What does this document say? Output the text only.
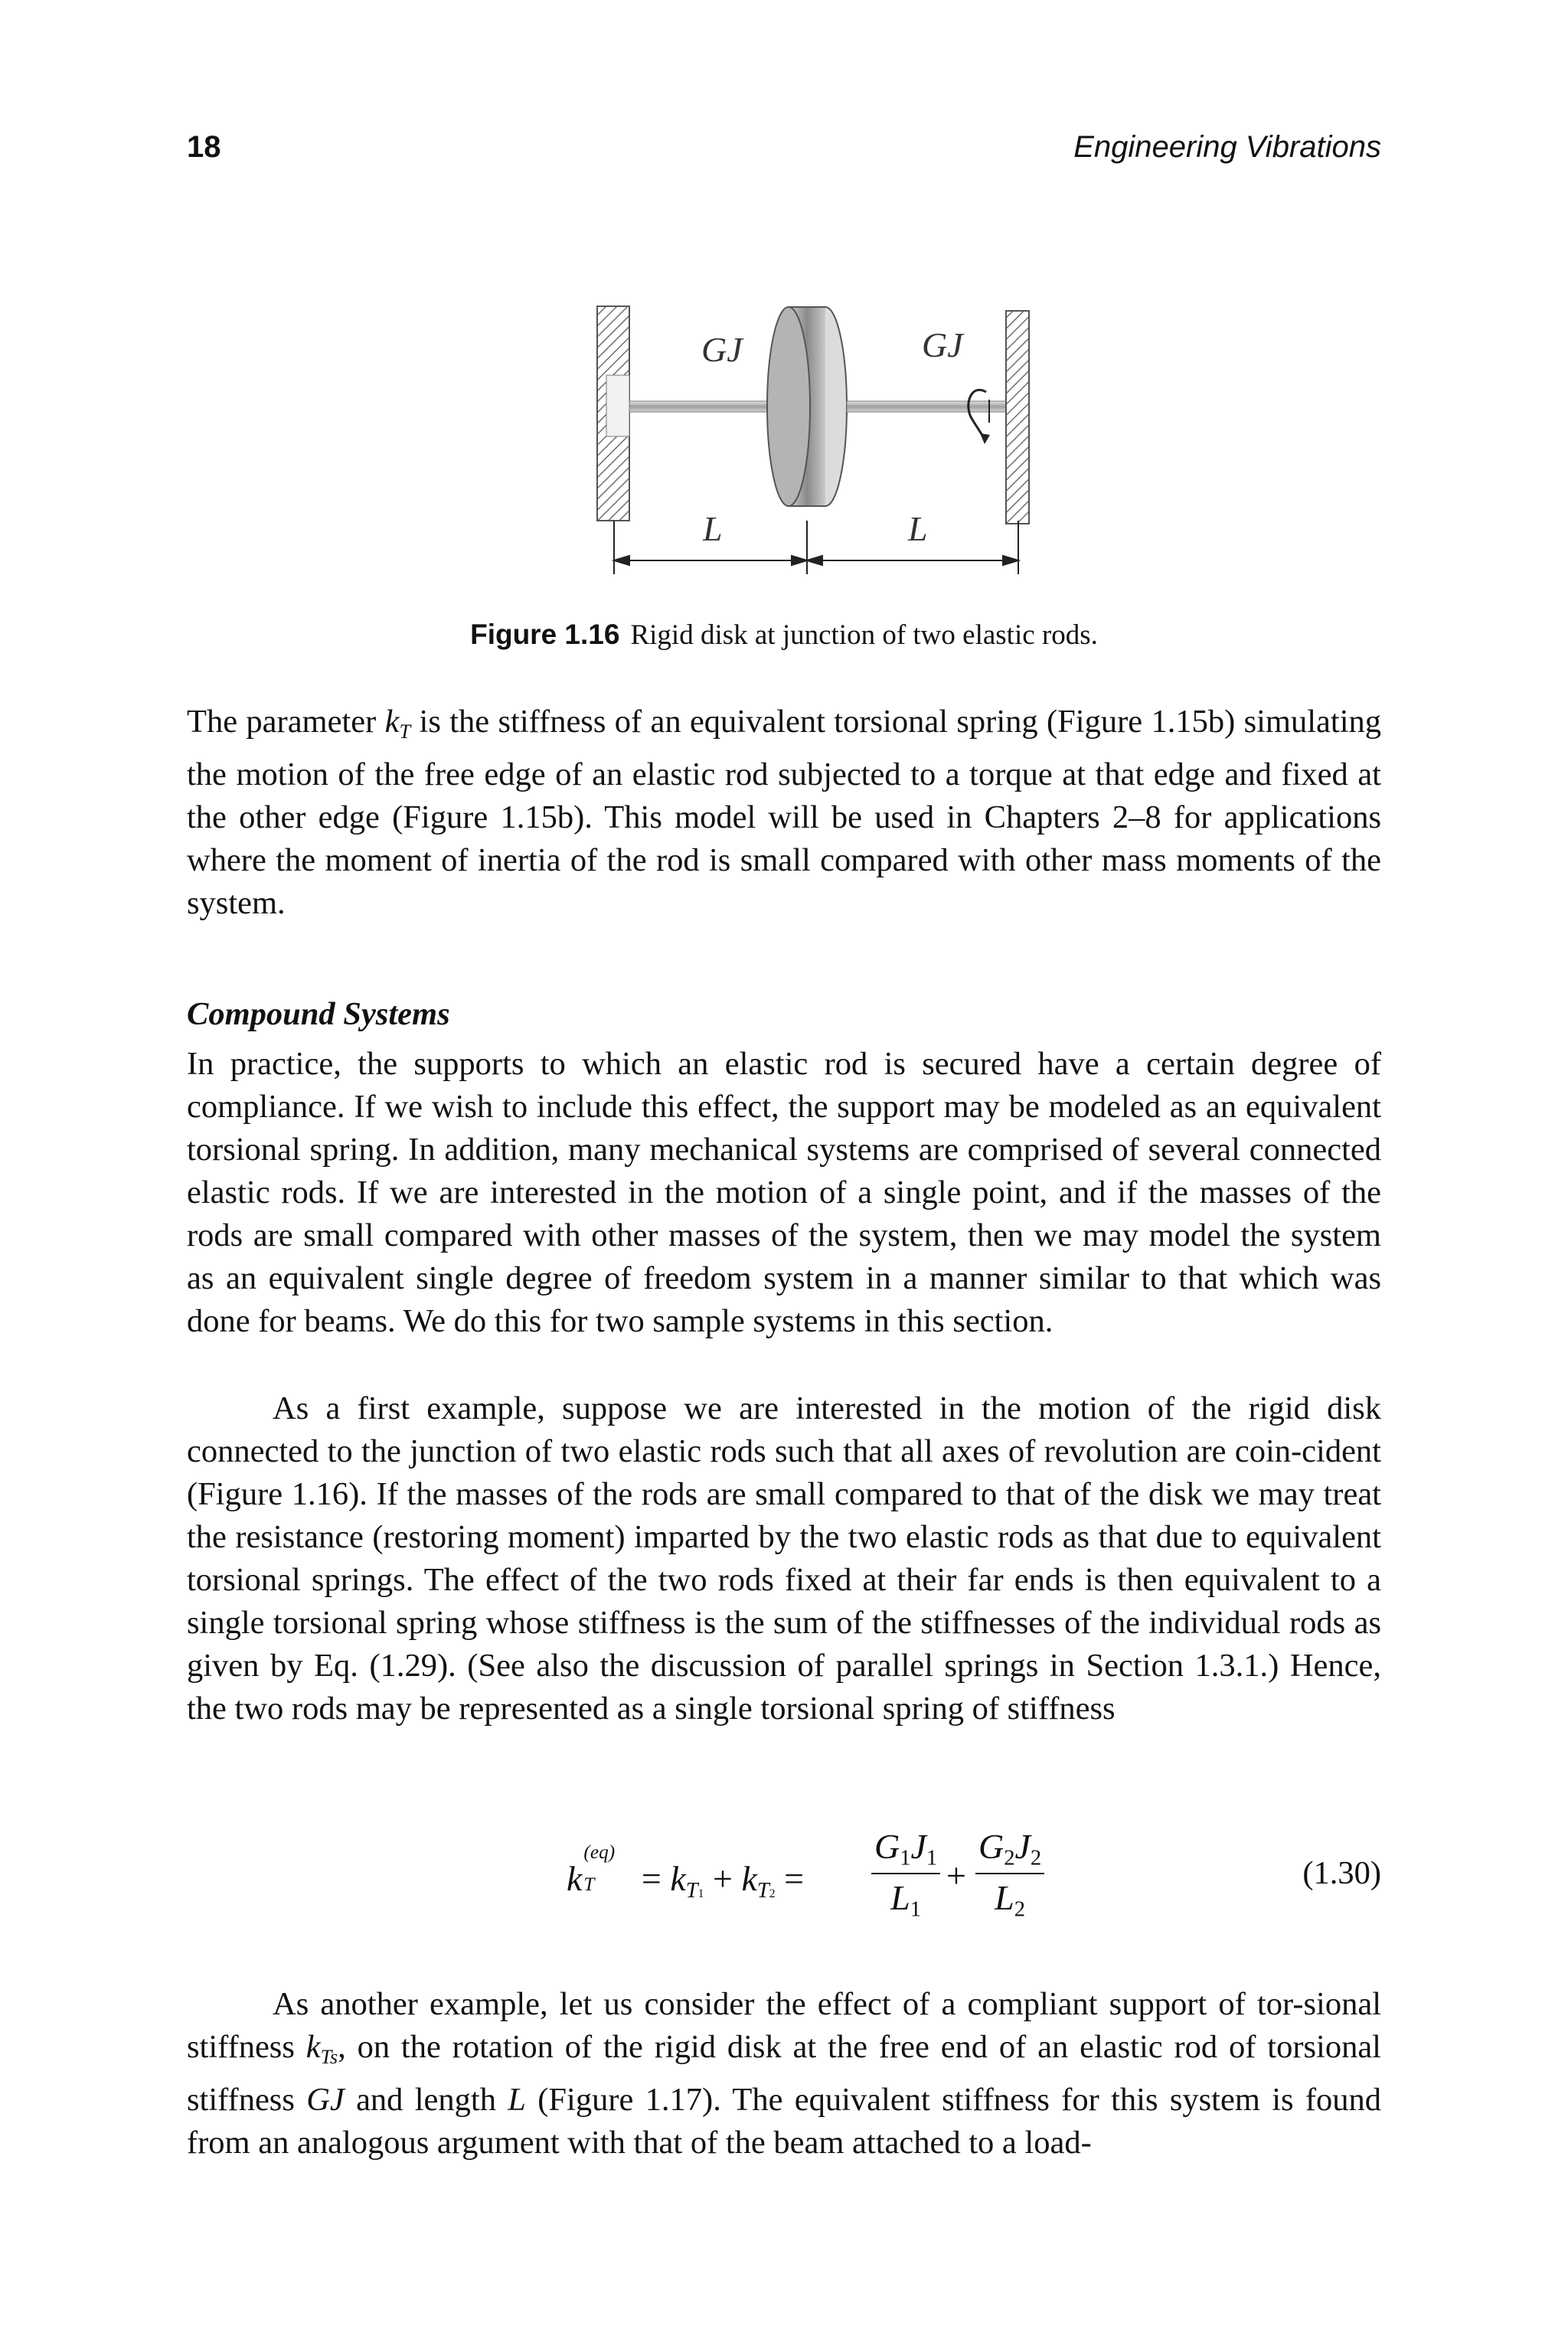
18	Engineering Vibrations
GJ	GJ
L	L
Figure 1.16 Rigid disk at junction of two elastic rods.
The parameter $k_T$ is the stiffness of an equivalent torsional spring (Figure 1.15b) simulating the motion of the free edge of an elastic rod subjected to a torque at that edge and fixed at the other edge (Figure 1.15b). This model will be used in Chapters 2–8 for applications where the moment of inertia of the rod is small compared with other mass moments of the system.
Compound Systems
In practice, the supports to which an elastic rod is secured have a certain degree of compliance. If we wish to include this effect, the support may be modeled as an equivalent torsional spring. In addition, many mechanical systems are comprised of several connected elastic rods. If we are interested in the motion of a single point, and if the masses of the rods are small compared with other masses of the system, then we may model the system as an equivalent single degree of freedom system in a manner similar to that which was done for beams. We do this for two sample systems in this section.
As a first example, suppose we are interested in the motion of the rigid disk connected to the junction of two elastic rods such that all axes of revolution are coin-cident (Figure 1.16). If the masses of the rods are small compared to that of the disk we may treat the resistance (restoring moment) imparted by the two elastic rods as that due to equivalent torsional springs. The effect of the two rods fixed at their far ends is then equivalent to a single torsional spring whose stiffness is the sum of the stiffnesses of the individual rods as given by Eq. (1.29). (See also the discussion of parallel springs in Section 1.3.1.) Hence, the two rods may be represented as a single torsional spring of stiffness
k
(eq)
$T = k_{T1} + k_{T2} = \frac{G_1J_1}{L_1} + \frac{G_2J_2}{L_2}$	(1.30)
As another example, let us consider the effect of a compliant support of tor-sional stiffness $k_{Ts}$, on the rotation of the rigid disk at the free end of an elastic rod of torsional stiffness GJ and length L (Figure 1.17). The equivalent stiffness for this system is found from an analogous argument with that of the beam attached to a load-
